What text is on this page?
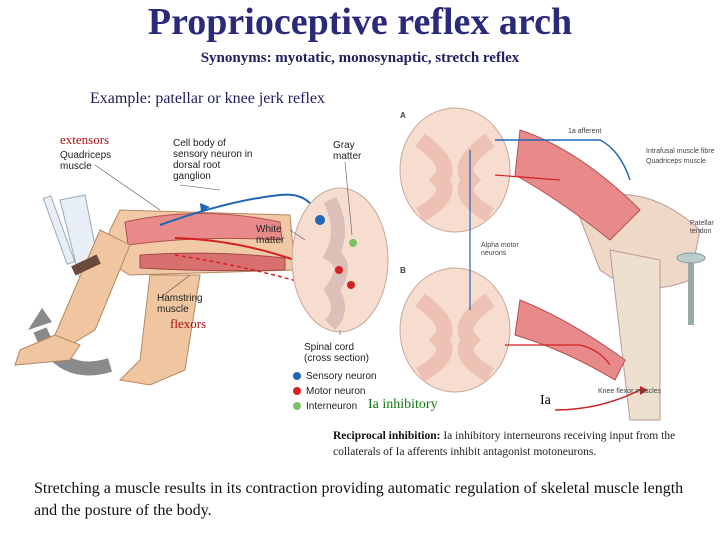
Proprioceptive reflex arch
Synonyms: myotatic, monosynaptic, stretch reflex
Example: patellar or knee jerk reflex
extensors
Quadriceps
muscle
Cell body of
sensory neuron in
dorsal root
ganglion
Gray
matter
White
matter
Hamstring
muscle
flexors
Spinal cord
(cross section)
Sensory neuron
Motor neuron
Interneuron Ia inhibitory
A
B
1a afferent
Intrafusal muscle fibre
Quadriceps muscle
Patellar
tendon
Alpha motor
neurons
Knee flexor muscles
Ia
Reciprocal inhibition: Ia inhibitory interneurons receiving input from the collaterals of Ia afferents inhibit antagonist motoneurons.
Stretching a muscle results in its contraction providing automatic regulation of skeletal muscle length and the posture of the body.
